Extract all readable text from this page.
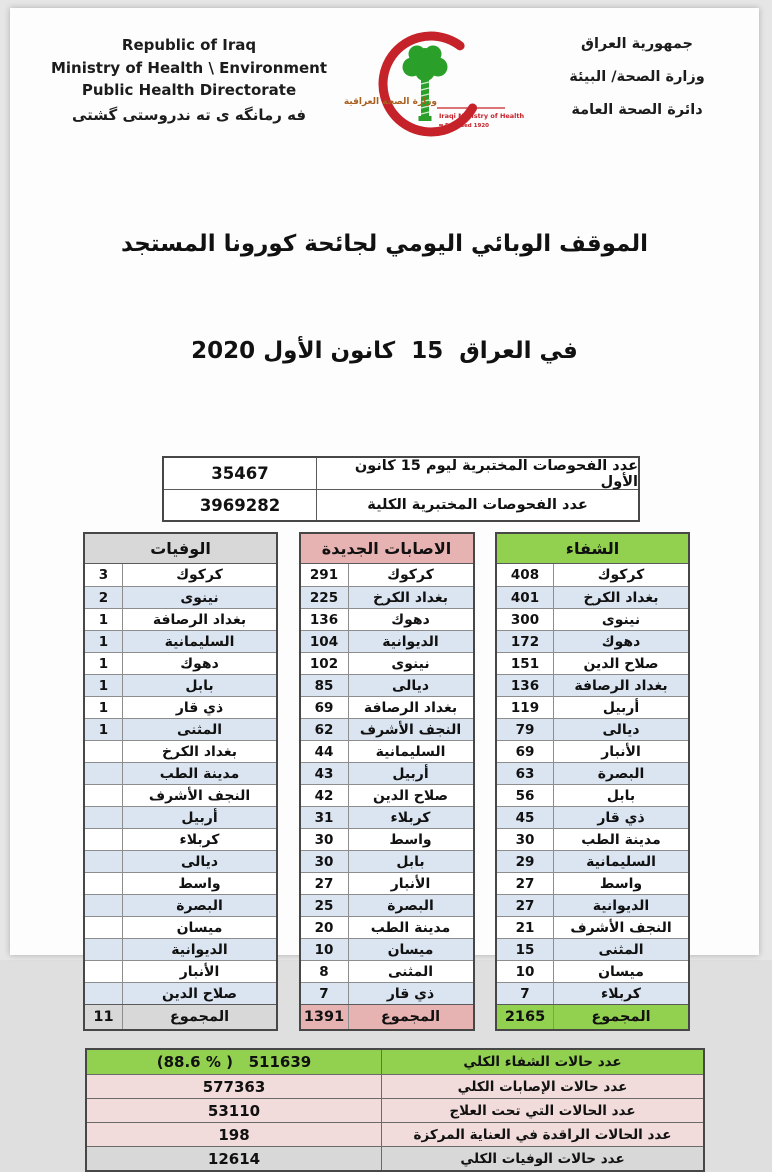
Republic of Iraq
Ministry of Health \ Environment
Public Health Directorate
فه رمانگه ى ته ندروستى گشتى
وزارة الصحة العراقية
Iraqi Ministry of Health
Founded 1920
جمهورية العراق
وزارة الصحة/ البيئة
دائرة الصحة العامة

الموقف الوبائي اليومي لجائحة كورونا المستجد

في العراق  15  كانون الأول 2020

عدد الفحوصات المختبرية ليوم 15 كانون الأول
35467
عدد الفحوصات المختبرية الكلية
3969282
الشفاء
كركوك
408
بغداد الكرخ
401
نينوى
300
دهوك
172
صلاح الدين
151
بغداد الرصافة
136
أربيل
119
ديالى
79
الأنبار
69
البصرة
63
بابل
56
ذي قار
45
مدينة الطب
30
السليمانية
29
واسط
27
الديوانية
27
النجف الأشرف
21
المثنى
15
ميسان
10
كربلاء
7
المجموع
2165
الاصابات الجديدة
كركوك
291
بغداد الكرخ
225
دهوك
136
الديوانية
104
نينوى
102
ديالى
85
بغداد الرصافة
69
النجف الأشرف
62
السليمانية
44
أربيل
43
صلاح الدين
42
كربلاء
31
واسط
30
بابل
30
الأنبار
27
البصرة
25
مدينة الطب
20
ميسان
10
المثنى
8
ذي قار
7
المجموع
1391
الوفيات
كركوك
3
نينوى
2
بغداد الرصافة
1
السليمانية
1
دهوك
1
بابل
1
ذي قار
1
المثنى
1
بغداد الكرخ
مدينة الطب
النجف الأشرف
أربيل
كربلاء
ديالى
واسط
البصرة
ميسان
الديوانية
الأنبار
صلاح الدين
المجموع
11
عدد حالات الشفاء الكلي
(88.6 % )   511639
عدد حالات الإصابات الكلي
577363
عدد الحالات التي تحت العلاج
53110
عدد الحالات الراقدة في العناية المركزة
198
عدد حالات الوفيات الكلي
12614
